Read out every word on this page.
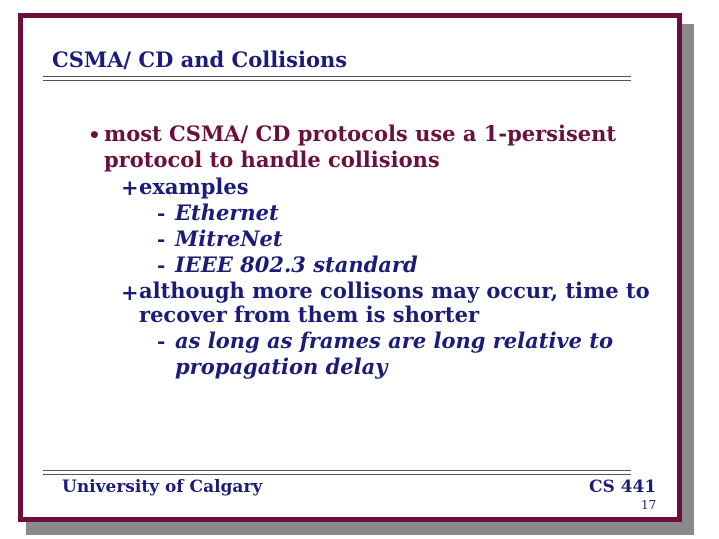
CSMA/ CD and Collisions
• most CSMA/ CD protocols use a 1-persisent
protocol to handle collisions
+ examples
- Ethernet
- MitreNet
- IEEE 802.3 standard
+ although more collisons may occur, time to
recover from them is shorter
- as long as frames are long relative to
propagation delay
University of Calgary	CS 441
17
